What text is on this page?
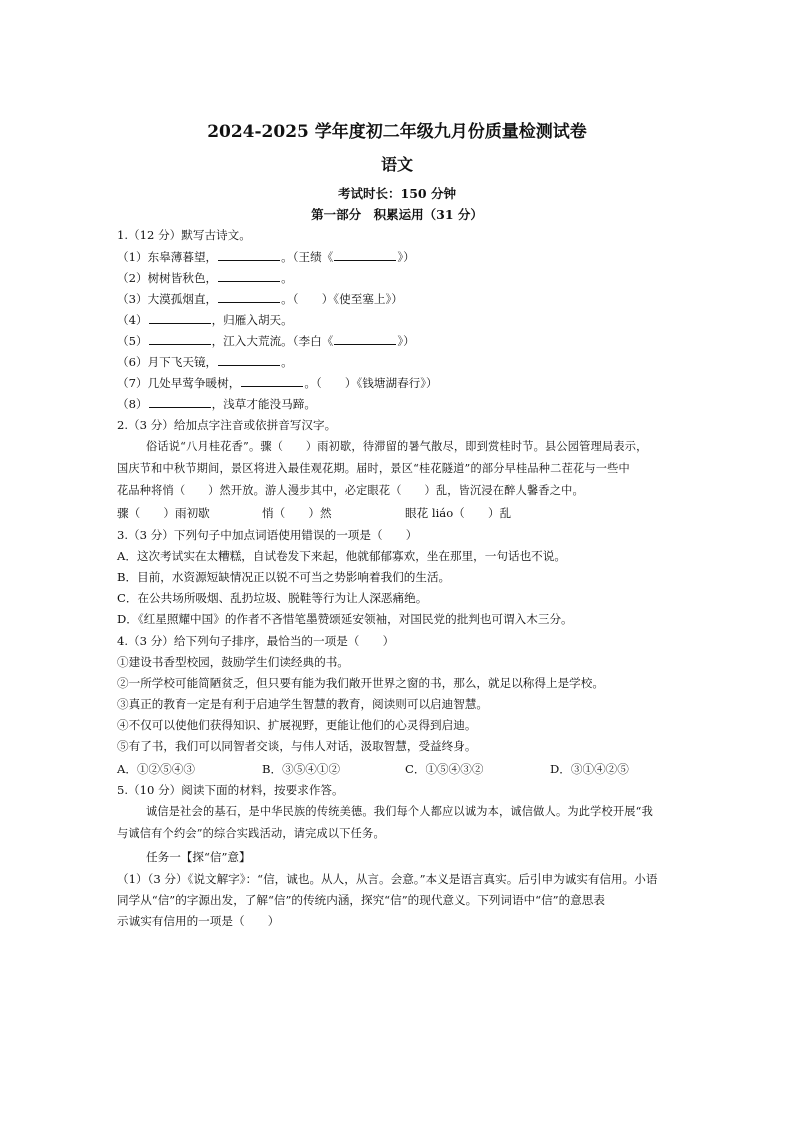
2024-2025 学年度初二年级九月份质量检测试卷
语文
考试时长：150 分钟
第一部分　积累运用（31 分）
1.（12 分）默写古诗文。
（1）东皋薄暮望，	。（王绩《	》）
（2）树树皆秋色，	。
（3）大漠孤烟直，	。（　　）《使至塞上》）
（4）	，归雁入胡天。
（5）	，江入大荒流。（李白《	》）
（6）月下飞天镜，	。
（7）几处早莺争暖树，	。（　　）《钱塘湖春行》）
（8）	，浅草才能没马蹄。
2.（3 分）给加点字注音或依拼音写汉字。
俗话说“八月桂花香”。骤（　　）雨初歇，待滞留的暑气散尽，即到赏桂时节。县公园管理局表示，
国庆节和中秋节期间，景区将进入最佳观花期。届时，景区“桂花隧道”的部分早桂品种二茬花与一些中
花品种将悄（　　）然开放。游人漫步其中，必定眼花（　　）乱，皆沉浸在醉人馨香之中。
骤（　　）雨初歇	悄（　　）然	眼花 liáo（　　）乱
3.（3 分）下列句子中加点词语使用错误的一项是（　　）
A．这次考试实在太糟糕，自试卷发下来起，他就郁郁寡欢，坐在那里，一句话也不说。
B．目前，水资源短缺情况正以锐不可当之势影响着我们的生活。
C．在公共场所吸烟、乱扔垃圾、脱鞋等行为让人深恶痛绝。
D．《红星照耀中国》的作者不吝惜笔墨赞颂延安领袖，对国民党的批判也可谓入木三分。
4.（3 分）给下列句子排序，最恰当的一项是（　　）
①建设书香型校园，鼓励学生们读经典的书。
②一所学校可能简陋贫乏，但只要有能为我们敞开世界之窗的书，那么，就足以称得上是学校。
③真正的教育一定是有利于启迪学生智慧的教育，阅读则可以启迪智慧。
④不仅可以使他们获得知识、扩展视野，更能让他们的心灵得到启迪。
⑤有了书，我们可以同智者交谈，与伟人对话，汲取智慧，受益终身。
A．①②⑤④③	B．③⑤④①②	C．①⑤④③②	D．③①④②⑤
5.（10 分）阅读下面的材料，按要求作答。
诚信是社会的基石，是中华民族的传统美德。我们每个人都应以诚为本，诚信做人。为此学校开展“我
与诚信有个约会”的综合实践活动，请完成以下任务。
任务一【探“信”意】
（1）（3 分）《说文解字》：“信，诚也。从人，从言。会意。”本义是语言真实。后引申为诚实有信用。小语
同学从“信”的字源出发，了解“信”的传统内涵，探究“信”的现代意义。下列词语中“信”的意思表
示诚实有信用的一项是（　　）
